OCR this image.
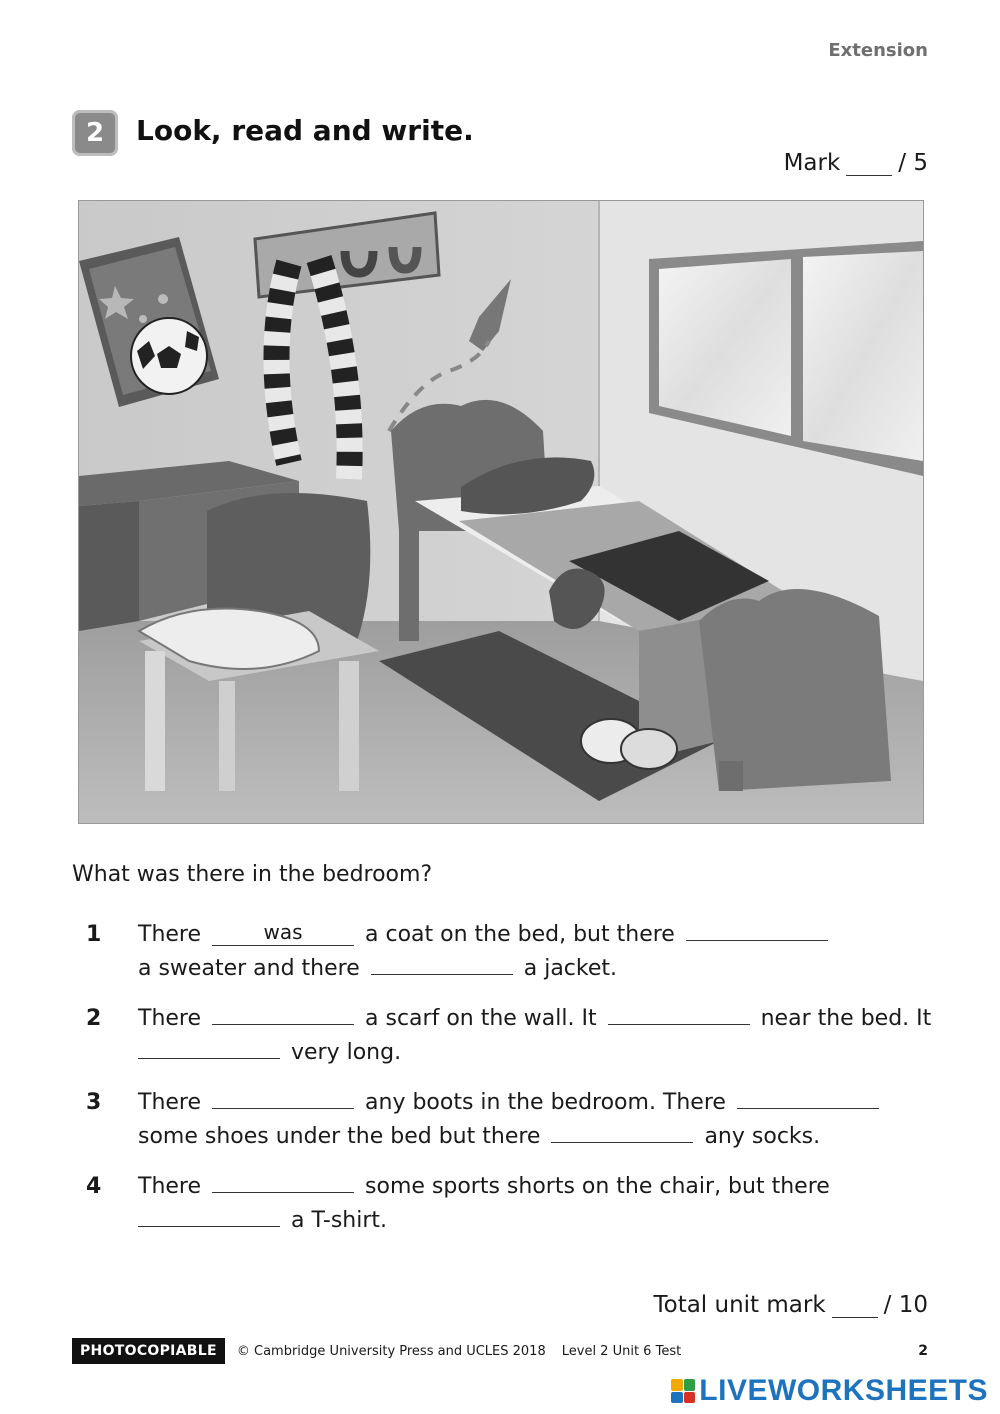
Extension
2	Look, read and write.
Mark	/ 5
What was there in the bedroom?
1	There	was	a coat on the bed, but there
a sweater and there	a jacket.
2	There	a scarf on the wall. It	near the bed. It
very long.
3	There	any boots in the bedroom. There
some shoes under the bed but there	any socks.
4	There	some sports shorts on the chair, but there
a T-shirt.
Total unit mark	/ 10
PHOTOCOPIABLE	© Cambridge University Press and UCLES 2018 Level 2 Unit 6 Test	2
LIVEWORKSHEETS
